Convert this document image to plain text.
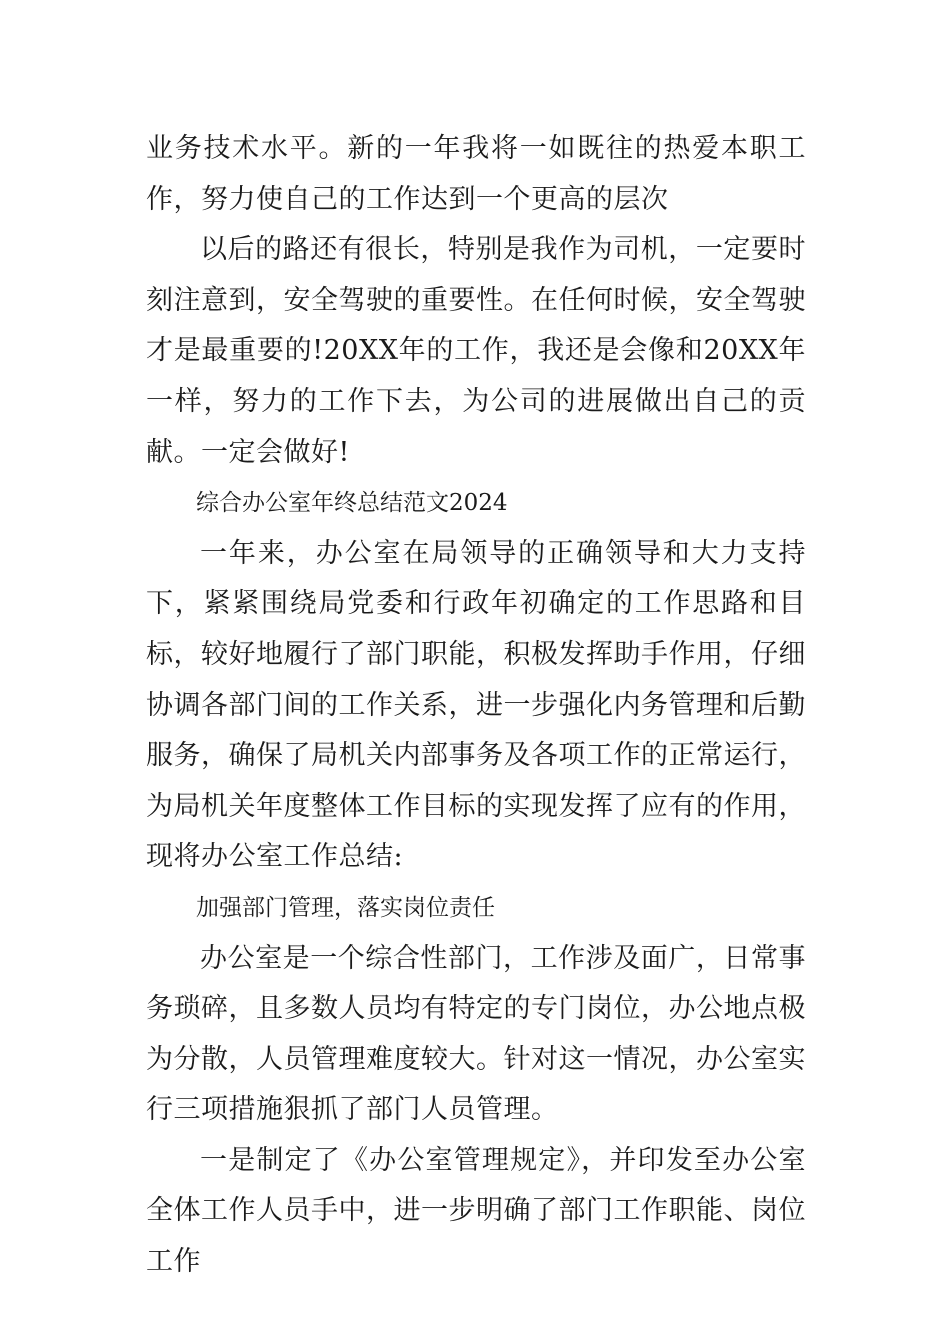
业务技术水平。新的一年我将一如既往的热爱本职工作，努力使自己的工作达到一个更高的层次

以后的路还有很长，特别是我作为司机，一定要时刻注意到，安全驾驶的重要性。在任何时候，安全驾驶才是最重要的!20XX年的工作，我还是会像和20XX年一样，努力的工作下去，为公司的进展做出自己的贡献。一定会做好!

综合办公室年终总结范文2024

一年来，办公室在局领导的正确领导和大力支持下，紧紧围绕局党委和行政年初确定的工作思路和目标，较好地履行了部门职能，积极发挥助手作用，仔细协调各部门间的工作关系，进一步强化内务管理和后勤服务，确保了局机关内部事务及各项工作的正常运行，为局机关年度整体工作目标的实现发挥了应有的作用，现将办公室工作总结:

加强部门管理，落实岗位责任

办公室是一个综合性部门，工作涉及面广，日常事务琐碎，且多数人员均有特定的专门岗位，办公地点极为分散，人员管理难度较大。针对这一情况，办公室实行三项措施狠抓了部门人员管理。

一是制定了《办公室管理规定》，并印发至办公室全体工作人员手中，进一步明确了部门工作职能、岗位工作
